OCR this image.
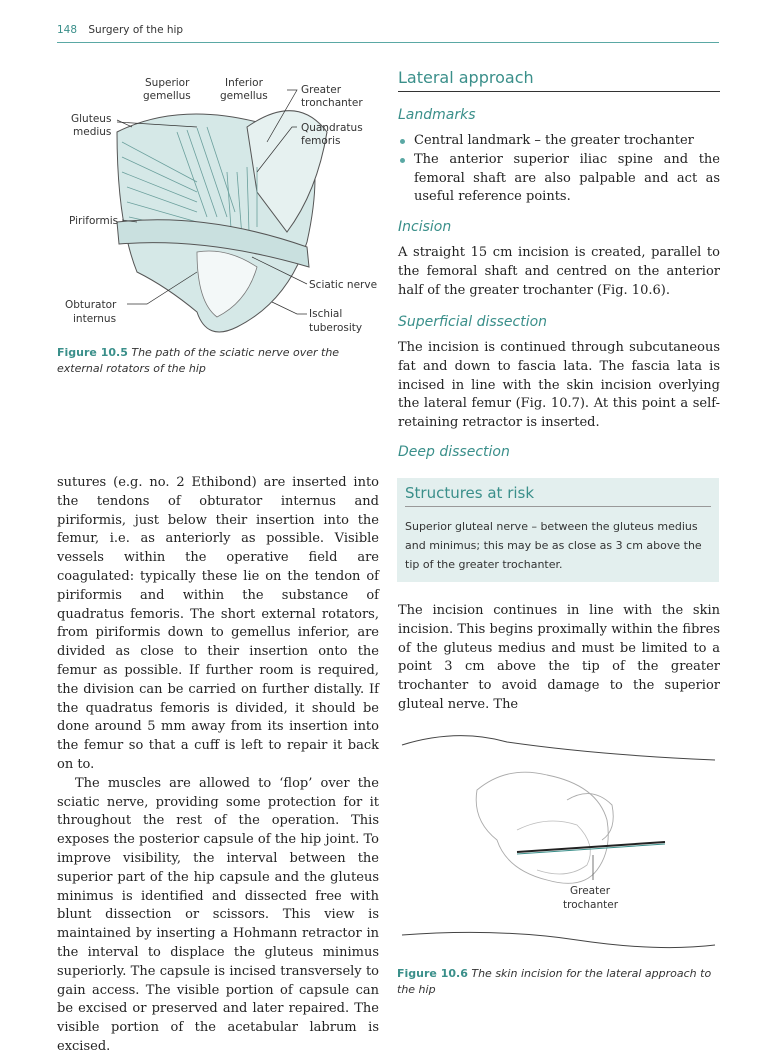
148 Surgery of the hip
Superior
gemellus
Inferior
gemellus	Greater
tronchanter
Gluteus
medius	Quandratus
femoris
Piriformis
Sciatic nerve
Obturator
internus	Ischial
tuberosity
Figure 10.5 The path of the sciatic nerve over the external rotators of the hip

sutures (e.g. no. 2 Ethibond) are inserted into the tendons of obturator internus and piriformis, just below their insertion into the femur, i.e. as anteriorly as possible. Visible vessels within the operative field are coagulated: typically these lie on the tendon of piriformis and within the substance of quadratus femoris. The short external rotators, from piriformis down to gemellus inferior, are divided as close to their insertion onto the femur as possible. If further room is required, the division can be carried on further distally. If the quadratus femoris is divided, it should be done around 5 mm away from its insertion into the femur so that a cuff is left to repair it back on to.

The muscles are allowed to ‘flop’ over the sciatic nerve, providing some protection for it throughout the rest of the operation. This exposes the posterior capsule of the hip joint. To improve visibility, the interval between the superior part of the hip capsule and the gluteus minimus is identified and dissected free with blunt dissection or scissors. This view is maintained by inserting a Hohmann retractor in the interval to displace the gluteus minimus superiorly. The capsule is incised transversely to gain access. The visible portion of capsule can be excised or preserved and later repaired. The visible portion of the acetabular labrum is excised.

Lateral approach
Landmarks
Central landmark – the greater trochanter
The anterior superior iliac spine and the femoral shaft are also palpable and act as useful reference points.
Incision

A straight 15 cm incision is created, parallel to the femoral shaft and centred on the anterior half of the greater trochanter (Fig. 10.6).

Superficial dissection

The incision is continued through subcutaneous fat and down to fascia lata. The fascia lata is incised in line with the skin incision overlying the lateral femur (Fig. 10.7). At this point a self-retaining retractor is inserted.

Deep dissection
Structures at risk
Superior gluteal nerve – between the gluteus medius and minimus; this may be as close as 3 cm above the tip of the greater trochanter.

The incision continues in line with the skin incision. This begins proximally within the fibres of the gluteus medius and must be limited to a point 3 cm above the tip of the greater trochanter to avoid damage to the superior gluteal nerve. The

Greater
trochanter
Figure 10.6 The skin incision for the lateral approach to the hip
